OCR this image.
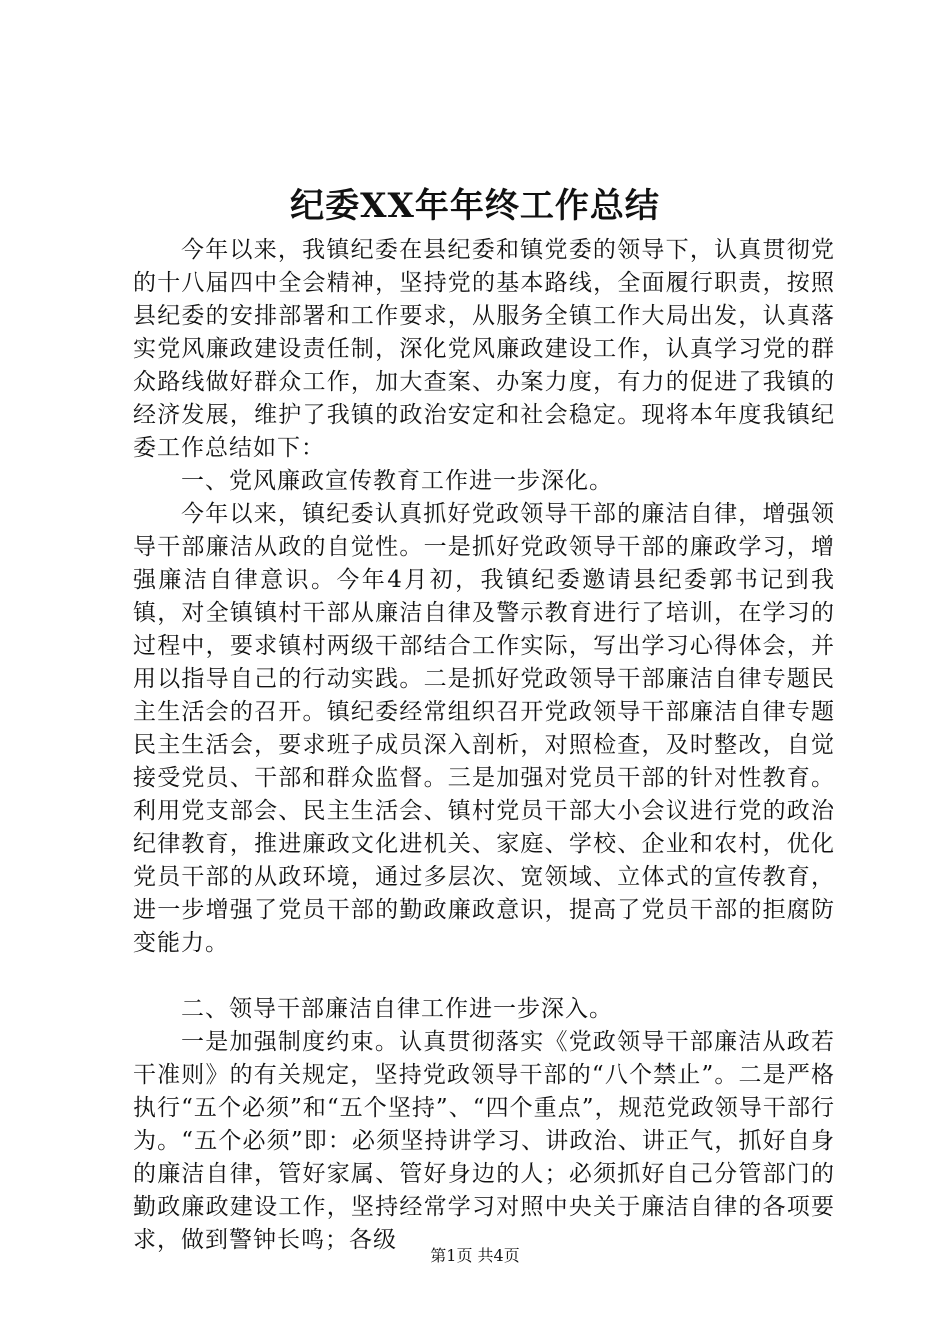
纪委XX年年终工作总结

今年以来，我镇纪委在县纪委和镇党委的领导下，认真贯彻党的十八届四中全会精神，坚持党的基本路线，全面履行职责，按照县纪委的安排部署和工作要求，从服务全镇工作大局出发，认真落实党风廉政建设责任制，深化党风廉政建设工作，认真学习党的群众路线做好群众工作，加大查案、办案力度，有力的促进了我镇的经济发展，维护了我镇的政治安定和社会稳定。现将本年度我镇纪委工作总结如下：

一、党风廉政宣传教育工作进一步深化。

今年以来，镇纪委认真抓好党政领导干部的廉洁自律，增强领导干部廉洁从政的自觉性。一是抓好党政领导干部的廉政学习，增强廉洁自律意识。今年4月初，我镇纪委邀请县纪委郭书记到我镇，对全镇镇村干部从廉洁自律及警示教育进行了培训，在学习的过程中，要求镇村两级干部结合工作实际，写出学习心得体会，并用以指导自己的行动实践。二是抓好党政领导干部廉洁自律专题民主生活会的召开。镇纪委经常组织召开党政领导干部廉洁自律专题民主生活会，要求班子成员深入剖析，对照检查，及时整改，自觉接受党员、干部和群众监督。三是加强对党员干部的针对性教育。利用党支部会、民主生活会、镇村党员干部大小会议进行党的政治纪律教育，推进廉政文化进机关、家庭、学校、企业和农村，优化党员干部的从政环境，通过多层次、宽领域、立体式的宣传教育，进一步增强了党员干部的勤政廉政意识，提高了党员干部的拒腐防变能力。

二、领导干部廉洁自律工作进一步深入。

一是加强制度约束。认真贯彻落实《党政领导干部廉洁从政若干准则》的有关规定，坚持党政领导干部的“八个禁止”。二是严格执行“五个必须”和“五个坚持”、“四个重点”，规范党政领导干部行为。“五个必须”即：必须坚持讲学习、讲政治、讲正气，抓好自身的廉洁自律，管好家属、管好身边的人；必须抓好自己分管部门的勤政廉政建设工作，坚持经常学习对照中央关于廉洁自律的各项要求，做到警钟长鸣；各级

第1页 共4页
